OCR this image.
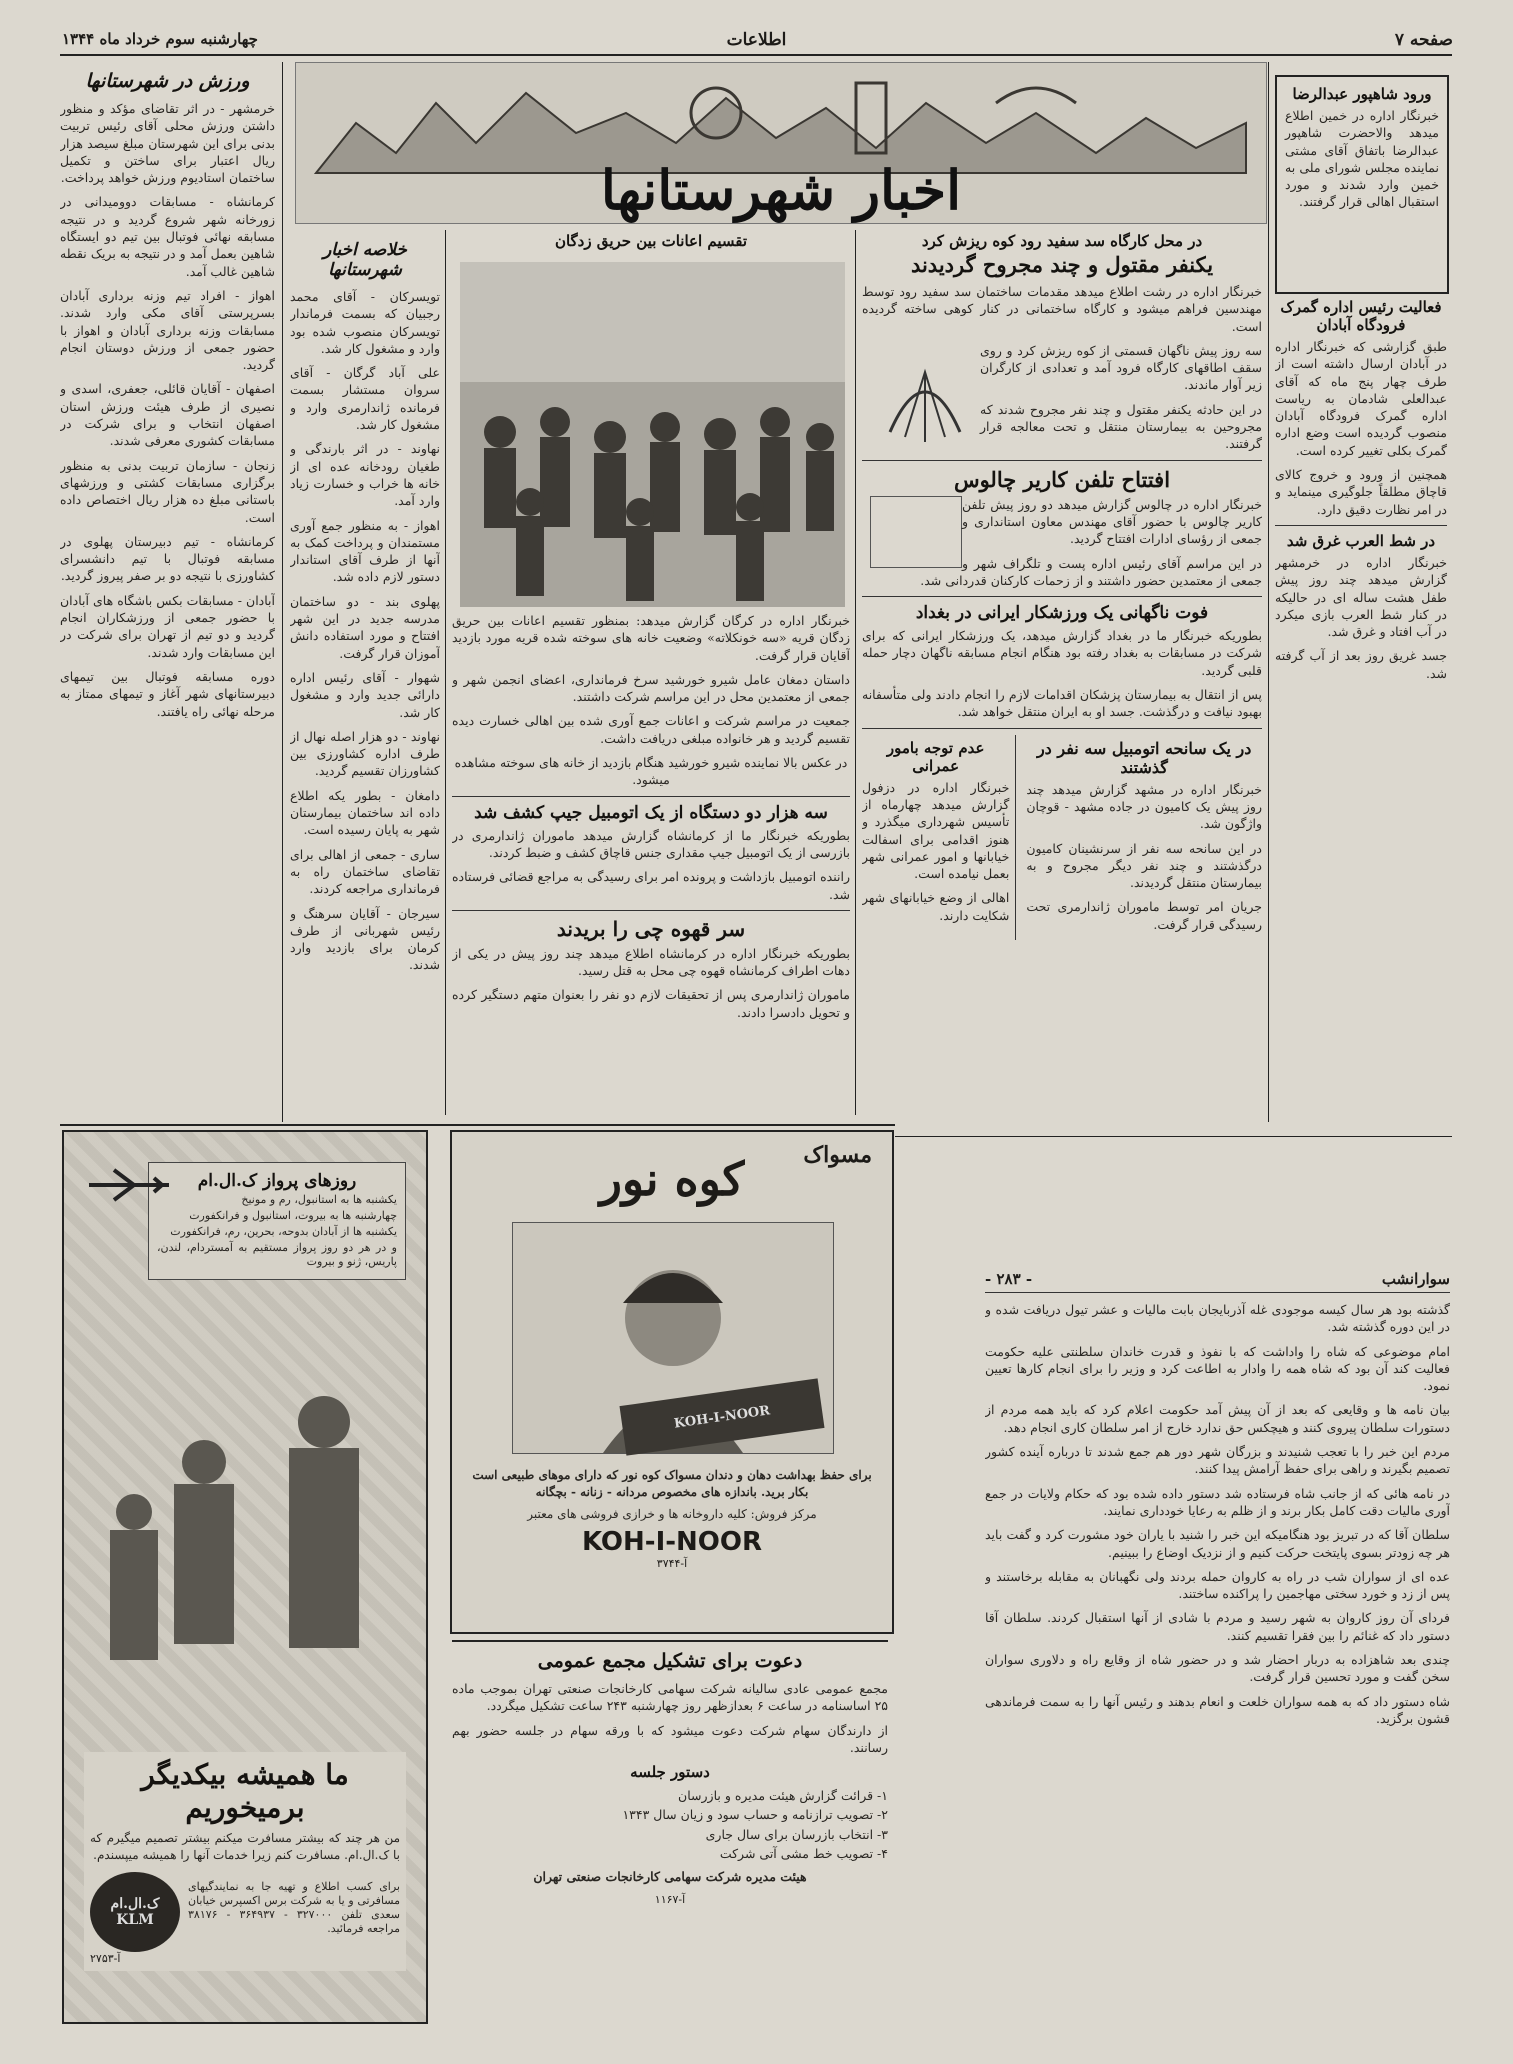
صفحه ۷
اطلاعات
چهارشنبه سوم خرداد ماه ۱۳۴۴
اخبار شهرستانها
ورزش در شهرستانها

خرمشهر - در اثر تقاضای مؤکد و منظور داشتن ورزش محلی آقای رئیس تربیت بدنی برای این شهرستان مبلغ سیصد هزار ریال اعتبار برای ساختن و تکمیل ساختمان استادیوم ورزش خواهد پرداخت.

کرمانشاه - مسابقات دوومیدانی در زورخانه شهر شروع گردید و در نتیجه مسابقه نهائی فوتبال بین تیم دو ایستگاه شاهین بعمل آمد و در نتیجه به بریک نقطه شاهین غالب آمد.

اهواز - افراد تیم وزنه برداری آبادان بسرپرستی آقای مکی وارد شدند. مسابقات وزنه برداری آبادان و اهواز با حضور جمعی از ورزش دوستان انجام گردید.

اصفهان - آقایان قائلی، جعفری، اسدی و نصیری از طرف هیئت ورزش استان اصفهان انتخاب و برای شرکت در مسابقات کشوری معرفی شدند.

زنجان - سازمان تربیت بدنی به منظور برگزاری مسابقات کشتی و ورزشهای باستانی مبلغ ده هزار ریال اختصاص داده است.

کرمانشاه - تیم دبیرستان پهلوی در مسابقه فوتبال با تیم دانشسرای کشاورزی با نتیجه دو بر صفر پیروز گردید.

آبادان - مسابقات بکس باشگاه های آبادان با حضور جمعی از ورزشکاران انجام گردید و دو تیم از تهران برای شرکت در این مسابقات وارد شدند.

دوره مسابقه فوتبال بین تیمهای دبیرستانهای شهر آغاز و تیمهای ممتاز به مرحله نهائی راه یافتند.

خلاصه اخبار شهرستانها

تویسرکان - آقای محمد رجبیان که بسمت فرماندار تویسرکان منصوب شده بود وارد و مشغول کار شد.

علی آباد گرگان - آقای سروان مستشار بسمت فرمانده ژاندارمری وارد و مشغول کار شد.

نهاوند - در اثر بارندگی و طغیان رودخانه عده ای از خانه ها خراب و خسارت زیاد وارد آمد.

اهواز - به منظور جمع آوری مستمندان و پرداخت کمک به آنها از طرف آقای استاندار دستور لازم داده شد.

پهلوی بند - دو ساختمان مدرسه جدید در این شهر افتتاح و مورد استفاده دانش آموزان قرار گرفت.

شهوار - آقای رئیس اداره دارائی جدید وارد و مشغول کار شد.

نهاوند - دو هزار اصله نهال از طرف اداره کشاورزی بین کشاورزان تقسیم گردید.

دامغان - بطور یکه اطلاع داده اند ساختمان بیمارستان شهر به پایان رسیده است.

ساری - جمعی از اهالی برای تقاضای ساختمان راه به فرمانداری مراجعه کردند.

سیرجان - آقایان سرهنگ و رئیس شهربانی از طرف کرمان برای بازدید وارد شدند.

تقسیم اعانات بین حریق زدگان

خبرنگار اداره در کرگان گزارش میدهد: بمنظور تقسیم اعانات بین حریق زدگان قریه «سه خونکلاته» وضعیت خانه های سوخته شده قریه مورد بازدید آقایان قرار گرفت.

داستان دمغان عامل شیرو خورشید سرخ فرمانداری، اعضای انجمن شهر و جمعی از معتمدین محل در این مراسم شرکت داشتند.

جمعیت در مراسم شرکت و اعانات جمع آوری شده بین اهالی خسارت دیده تقسیم گردید و هر خانواده مبلغی دریافت داشت.

در عکس بالا نماینده شیرو خورشید هنگام بازدید از خانه های سوخته مشاهده میشود.

سه هزار دو دستگاه از یک اتومبیل جیپ کشف شد

بطوریکه خبرنگار ما از کرمانشاه گزارش میدهد ماموران ژاندارمری در بازرسی از یک اتومبیل جیپ مقداری جنس قاچاق کشف و ضبط کردند.

راننده اتومبیل بازداشت و پرونده امر برای رسیدگی به مراجع قضائی فرستاده شد.

سر قهوه چی را بریدند

بطوریکه خبرنگار اداره در کرمانشاه اطلاع میدهد چند روز پیش در یکی از دهات اطراف کرمانشاه قهوه چی محل به قتل رسید.

ماموران ژاندارمری پس از تحقیقات لازم دو نفر را بعنوان متهم دستگیر کرده و تحویل دادسرا دادند.

در محل کارگاه سد سفید رود کوه ریزش کرد
یکنفر مقتول و چند مجروح گردیدند

خبرنگار اداره در رشت اطلاع میدهد مقدمات ساختمان سد سفید رود توسط مهندسین فراهم میشود و کارگاه ساختمانی در کنار کوهی ساخته گردیده است.

سه روز پیش ناگهان قسمتی از کوه ریزش کرد و روی سقف اطاقهای کارگاه فرود آمد و تعدادی از کارگران زیر آوار ماندند.

در این حادثه یکنفر مقتول و چند نفر مجروح شدند که مجروحین به بیمارستان منتقل و تحت معالجه قرار گرفتند.

افتتاح تلفن کاریر چالوس

خبرنگار اداره در چالوس گزارش میدهد دو روز پیش تلفن کاریر چالوس با حضور آقای مهندس معاون استانداری و جمعی از رؤسای ادارات افتتاح گردید.

در این مراسم آقای رئیس اداره پست و تلگراف شهر و جمعی از معتمدین حضور داشتند و از زحمات کارکنان قدردانی شد.

فوت ناگهانی یک ورزشکار ایرانی در بغداد

بطوریکه خبرنگار ما در بغداد گزارش میدهد، یک ورزشکار ایرانی که برای شرکت در مسابقات به بغداد رفته بود هنگام انجام مسابقه ناگهان دچار حمله قلبی گردید.

پس از انتقال به بیمارستان پزشکان اقدامات لازم را انجام دادند ولی متأسفانه بهبود نیافت و درگذشت. جسد او به ایران منتقل خواهد شد.

در یک سانحه اتومبیل سه نفر در گذشتند

خبرنگار اداره در مشهد گزارش میدهد چند روز پیش یک کامیون در جاده مشهد - قوچان واژگون شد.

در این سانحه سه نفر از سرنشینان کامیون درگذشتند و چند نفر دیگر مجروح و به بیمارستان منتقل گردیدند.

جریان امر توسط ماموران ژاندارمری تحت رسیدگی قرار گرفت.

عدم توجه بامور عمرانی

خبرنگار اداره در دزفول گزارش میدهد چهارماه از تأسیس شهرداری میگذرد و هنوز اقدامی برای اسفالت خیابانها و امور عمرانی شهر بعمل نیامده است.

اهالی از وضع خیابانهای شهر شکایت دارند.

ورود شاهپور عبدالرضا

خبرنگار اداره در خمین اطلاع میدهد والاحضرت شاهپور عبدالرضا باتفاق آقای مشتی نماینده مجلس شورای ملی به خمین وارد شدند و مورد استقبال اهالی قرار گرفتند.

فعالیت رئیس اداره گمرک فرودگاه آبادان

طبق گزارشی که خبرنگار اداره در آبادان ارسال داشته است از طرف چهار پنج ماه که آقای عبدالعلی شادمان به ریاست اداره گمرک فرودگاه آبادان منصوب گردیده است وضع اداره گمرک بکلی تغییر کرده است.

همچنین از ورود و خروج کالای قاچاق مطلقاً جلوگیری مینماید و در امر نظارت دقیق دارد.

در شط العرب غرق شد

خبرنگار اداره در خرمشهر گزارش میدهد چند روز پیش طفل هشت ساله ای در حالیکه در کنار شط العرب بازی میکرد در آب افتاد و غرق شد.

جسد غریق روز بعد از آب گرفته شد.

روزهای پرواز ک.ال.ام

یکشنبه ها به استانبول، رم و مونیخ

چهارشنبه ها به بیروت، استانبول و فرانکفورت

یکشنبه ها از آبادان بدوحه، بحرین، رم، فرانکفورت

و در هر دو روز پرواز مستقیم به آمستردام، لندن، پاریس، ژنو و بیروت

ما همیشه بیکدیگر برمیخوریم

من هر چند که بیشتر مسافرت میکنم بیشتر تصمیم میگیرم که با ک.ال.ام. مسافرت کنم زیرا خدمات آنها را همیشه میپسندم.

برای کسب اطلاع و تهیه جا به نمایندگیهای مسافرتی و یا به شرکت برس اکسپرس خیابان سعدی تلفن ۳۲۷۰۰۰ - ۳۶۴۹۳۷ - ۳۸۱۷۶ مراجعه فرمائید.

ک.ال.ام KLM
آ-۲۷۵۳
مسواک
کوه نور
KOH-I-NOOR

برای حفظ بهداشت دهان و دندان مسواک کوه نور که دارای موهای طبیعی است بکار برید. باندازه های مخصوص مردانه - زنانه - بچگانه

مرکز فروش: کلیه داروخانه ها و خرازی فروشی های معتبر

KOH-I-NOOR
آ-۳۷۴۴
دعوت برای تشکیل مجمع عمومی

مجمع عمومی عادی سالیانه شرکت سهامی کارخانجات صنعتی تهران بموجب ماده ۲۵ اساسنامه در ساعت ۶ بعدازظهر روز چهارشنبه ۲۴۳ ساعت تشکیل میگردد.

از دارندگان سهام شرکت دعوت میشود که با ورقه سهام در جلسه حضور بهم رسانند.

دستور جلسه

۱- قرائت گزارش هیئت مدیره و بازرسان

۲- تصویب ترازنامه و حساب سود و زیان سال ۱۳۴۳

۳- انتخاب بازرسان برای سال جاری

۴- تصویب خط مشی آتی شرکت

هیئت مدیره شرکت سهامی کارخانجات صنعتی تهران

آ-۱۱۶۷
سوارانشب
- ۲۸۳ -

گذشته بود هر سال کیسه موجودی غله آذربایجان بابت مالیات و عشر تیول دریافت شده و در این دوره گذشته شد.

امام موضوعی که شاه را واداشت که با نفوذ و قدرت خاندان سلطنتی علیه حکومت فعالیت کند آن بود که شاه همه را وادار به اطاعت کرد و وزیر را برای انجام کارها تعیین نمود.

بیان نامه ها و وقایعی که بعد از آن پیش آمد حکومت اعلام کرد که باید همه مردم از دستورات سلطان پیروی کنند و هیچکس حق ندارد خارج از امر سلطان کاری انجام دهد.

مردم این خبر را با تعجب شنیدند و بزرگان شهر دور هم جمع شدند تا درباره آینده کشور تصمیم بگیرند و راهی برای حفظ آرامش پیدا کنند.

در نامه هائی که از جانب شاه فرستاده شد دستور داده شده بود که حکام ولایات در جمع آوری مالیات دقت کامل بکار برند و از ظلم به رعایا خودداری نمایند.

سلطان آقا که در تبریز بود هنگامیکه این خبر را شنید با یاران خود مشورت کرد و گفت باید هر چه زودتر بسوی پایتخت حرکت کنیم و از نزدیک اوضاع را ببینیم.

عده ای از سواران شب در راه به کاروان حمله بردند ولی نگهبانان به مقابله برخاستند و پس از زد و خورد سختی مهاجمین را پراکنده ساختند.

فردای آن روز کاروان به شهر رسید و مردم با شادی از آنها استقبال کردند. سلطان آقا دستور داد که غنائم را بین فقرا تقسیم کنند.

چندی بعد شاهزاده به دربار احضار شد و در حضور شاه از وقایع راه و دلاوری سواران سخن گفت و مورد تحسین قرار گرفت.

شاه دستور داد که به همه سواران خلعت و انعام بدهند و رئیس آنها را به سمت فرماندهی قشون برگزید.
